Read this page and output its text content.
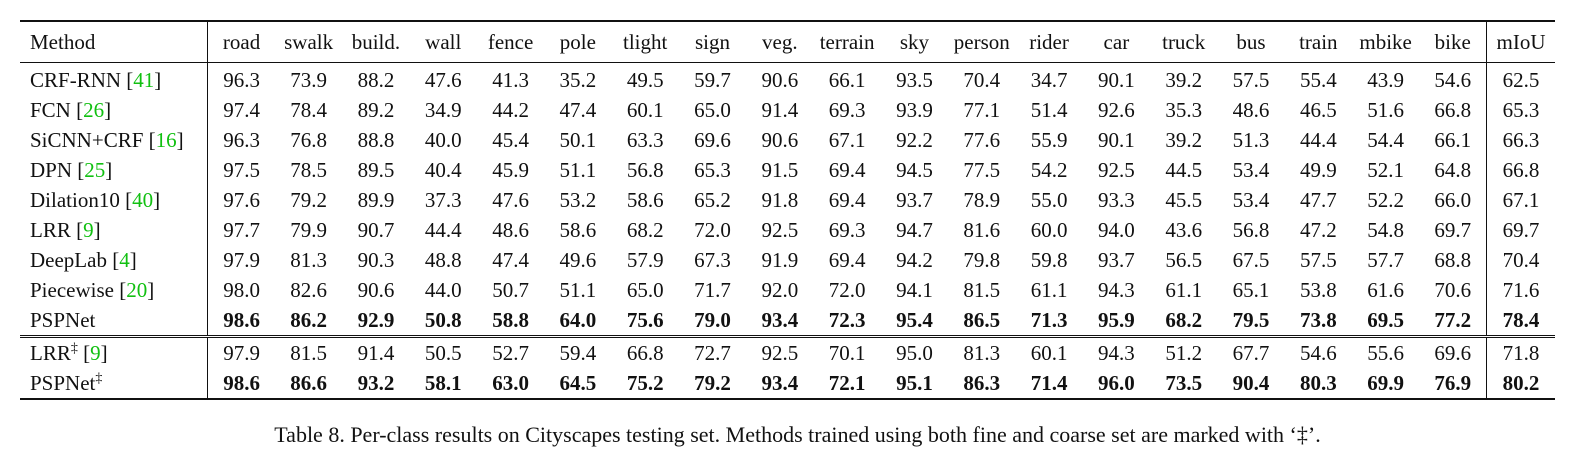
Method	road	swalk	build.	wall	fence	pole	tlight	sign	veg.	terrain	sky	person	rider	car	truck	bus	train	mbike	bike	mIoU
CRF-RNN [41]	96.3	73.9	88.2	47.6	41.3	35.2	49.5	59.7	90.6	66.1	93.5	70.4	34.7	90.1	39.2	57.5	55.4	43.9	54.6	62.5
FCN [26]	97.4	78.4	89.2	34.9	44.2	47.4	60.1	65.0	91.4	69.3	93.9	77.1	51.4	92.6	35.3	48.6	46.5	51.6	66.8	65.3
SiCNN+CRF [16]	96.3	76.8	88.8	40.0	45.4	50.1	63.3	69.6	90.6	67.1	92.2	77.6	55.9	90.1	39.2	51.3	44.4	54.4	66.1	66.3
DPN [25]	97.5	78.5	89.5	40.4	45.9	51.1	56.8	65.3	91.5	69.4	94.5	77.5	54.2	92.5	44.5	53.4	49.9	52.1	64.8	66.8
Dilation10 [40]	97.6	79.2	89.9	37.3	47.6	53.2	58.6	65.2	91.8	69.4	93.7	78.9	55.0	93.3	45.5	53.4	47.7	52.2	66.0	67.1
LRR [9]	97.7	79.9	90.7	44.4	48.6	58.6	68.2	72.0	92.5	69.3	94.7	81.6	60.0	94.0	43.6	56.8	47.2	54.8	69.7	69.7
DeepLab [4]	97.9	81.3	90.3	48.8	47.4	49.6	57.9	67.3	91.9	69.4	94.2	79.8	59.8	93.7	56.5	67.5	57.5	57.7	68.8	70.4
Piecewise [20]	98.0	82.6	90.6	44.0	50.7	51.1	65.0	71.7	92.0	72.0	94.1	81.5	61.1	94.3	61.1	65.1	53.8	61.6	70.6	71.6
PSPNet	98.6	86.2	92.9	50.8	58.8	64.0	75.6	79.0	93.4	72.3	95.4	86.5	71.3	95.9	68.2	79.5	73.8	69.5	77.2	78.4
LRR‡ [9]	97.9	81.5	91.4	50.5	52.7	59.4	66.8	72.7	92.5	70.1	95.0	81.3	60.1	94.3	51.2	67.7	54.6	55.6	69.6	71.8
PSPNet‡	98.6	86.6	93.2	58.1	63.0	64.5	75.2	79.2	93.4	72.1	95.1	86.3	71.4	96.0	73.5	90.4	80.3	69.9	76.9	80.2
Table 8. Per-class results on Cityscapes testing set. Methods trained using both fine and coarse set are marked with ‘‡’.
